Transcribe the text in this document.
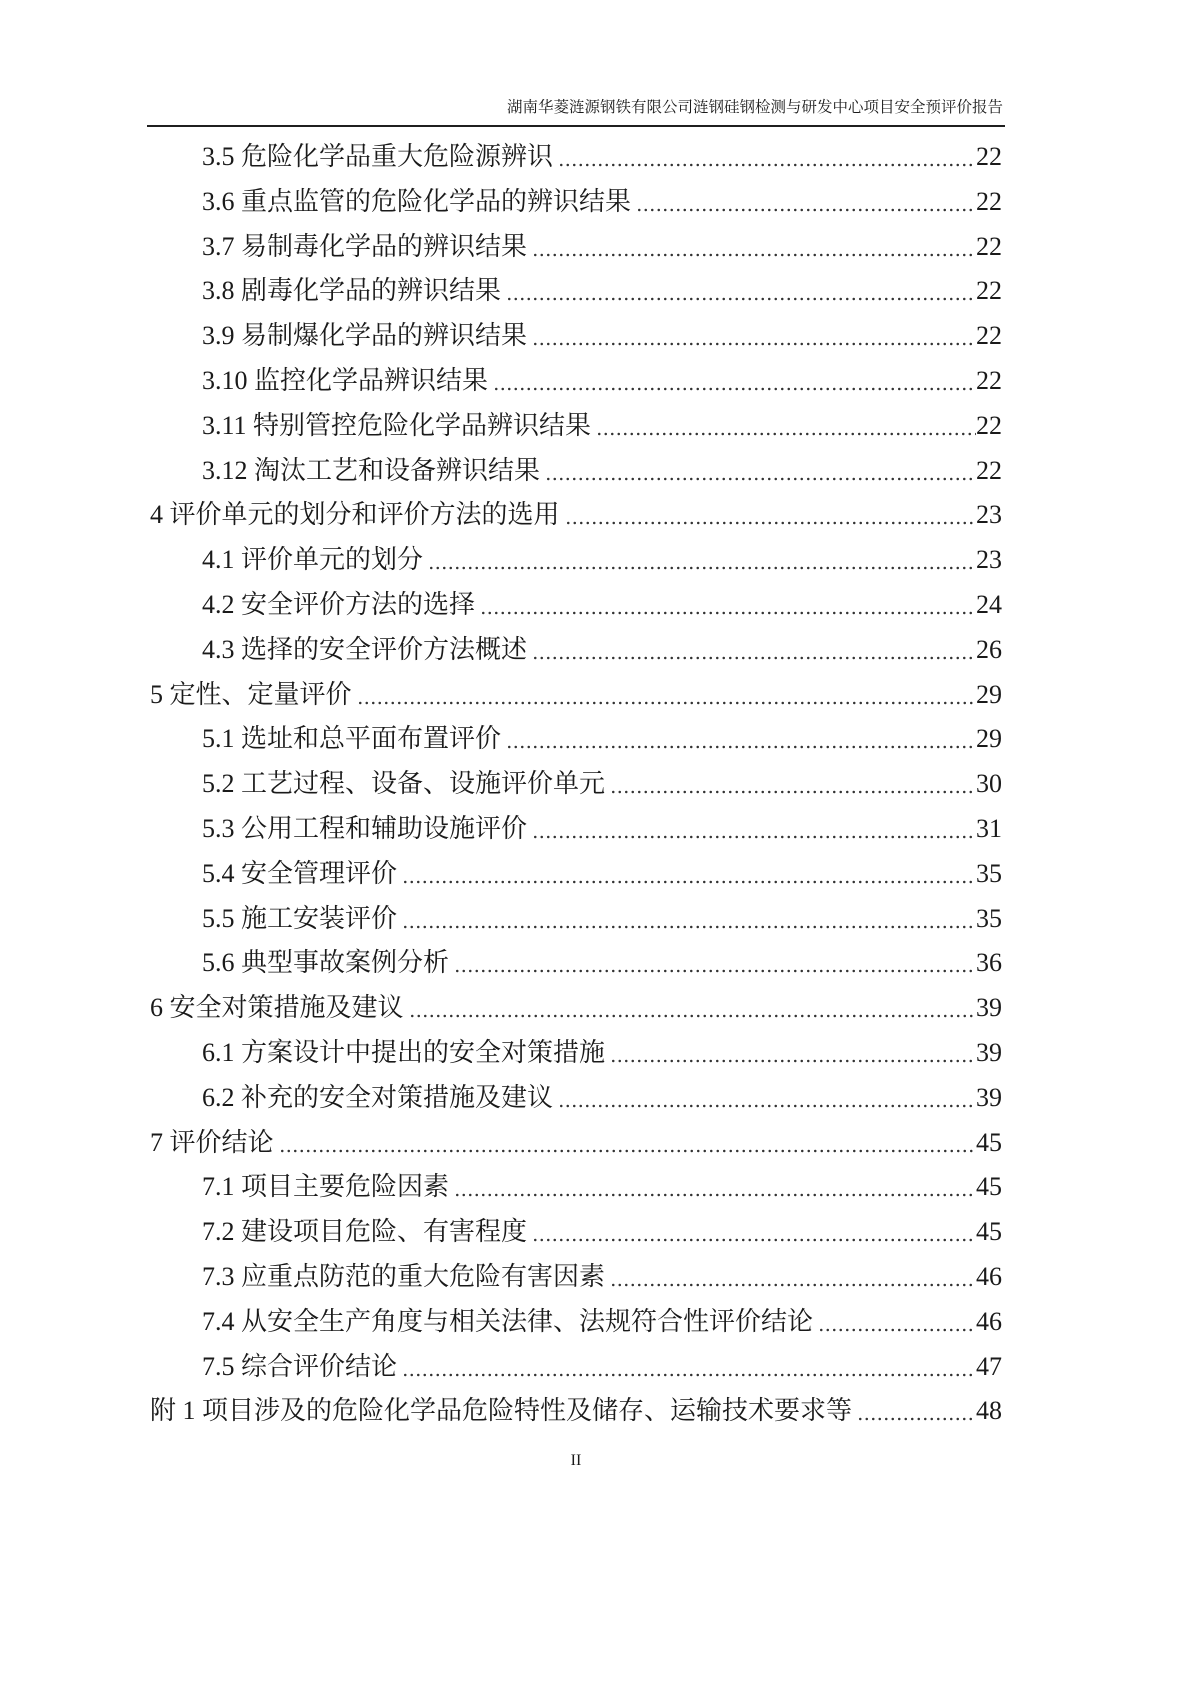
湖南华菱涟源钢铁有限公司涟钢硅钢检测与研发中心项目安全预评价报告
3.5 危险化学品重大危险源辨识	22
3.6 重点监管的危险化学品的辨识结果	22
3.7 易制毒化学品的辨识结果	22
3.8 剧毒化学品的辨识结果	22
3.9 易制爆化学品的辨识结果	22
3.10 监控化学品辨识结果	22
3.11 特别管控危险化学品辨识结果	22
3.12 淘汰工艺和设备辨识结果	22
4 评价单元的划分和评价方法的选用	23
4.1 评价单元的划分	23
4.2 安全评价方法的选择	24
4.3 选择的安全评价方法概述	26
5 定性、定量评价	29
5.1 选址和总平面布置评价	29
5.2 工艺过程、设备、设施评价单元	30
5.3 公用工程和辅助设施评价	31
5.4 安全管理评价	35
5.5 施工安装评价	35
5.6 典型事故案例分析	36
6 安全对策措施及建议	39
6.1 方案设计中提出的安全对策措施	39
6.2 补充的安全对策措施及建议	39
7 评价结论	45
7.1 项目主要危险因素	45
7.2 建设项目危险、有害程度	45
7.3 应重点防范的重大危险有害因素	46
7.4 从安全生产角度与相关法律、法规符合性评价结论	46
7.5 综合评价结论	47
附 1 项目涉及的危险化学品危险特性及储存、运输技术要求等	48
II
